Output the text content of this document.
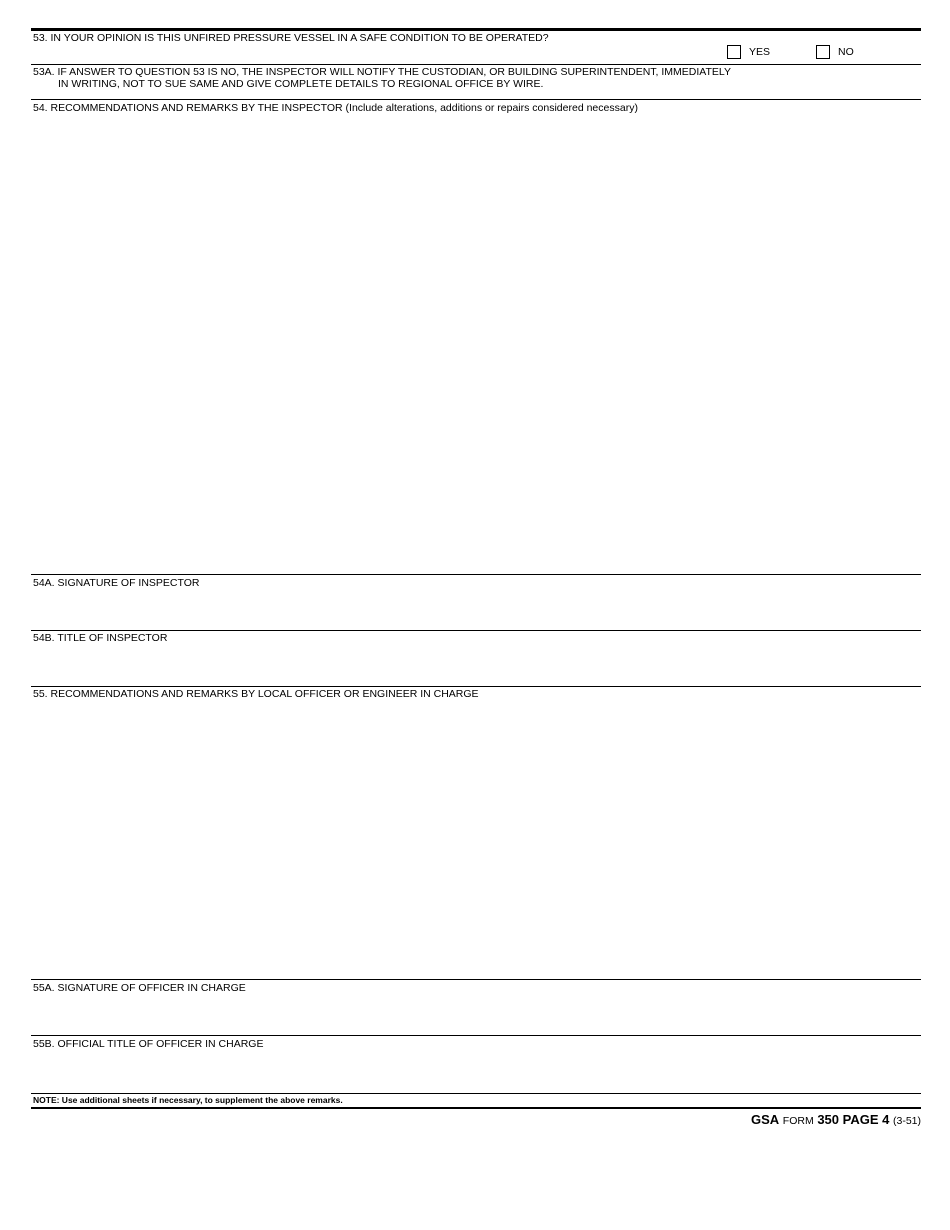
53. IN YOUR OPINION IS THIS UNFIRED PRESSURE VESSEL IN A SAFE CONDITION TO BE OPERATED?
YES	NO
53A. IF ANSWER TO QUESTION 53 IS NO, THE INSPECTOR WILL NOTIFY THE CUSTODIAN, OR BUILDING SUPERINTENDENT, IMMEDIATELY
IN WRITING, NOT TO SUE SAME AND GIVE COMPLETE DETAILS TO REGIONAL OFFICE BY WIRE.
54. RECOMMENDATIONS AND REMARKS BY THE INSPECTOR (Include alterations, additions or repairs considered necessary)
54A. SIGNATURE OF INSPECTOR
54B. TITLE OF INSPECTOR
55. RECOMMENDATIONS AND REMARKS BY LOCAL OFFICER OR ENGINEER IN CHARGE
55A. SIGNATURE OF OFFICER IN CHARGE
55B. OFFICIAL TITLE OF OFFICER IN CHARGE
NOTE: Use additional sheets if necessary, to supplement the above remarks.
GSA FORM 350 PAGE 4 (3-51)
